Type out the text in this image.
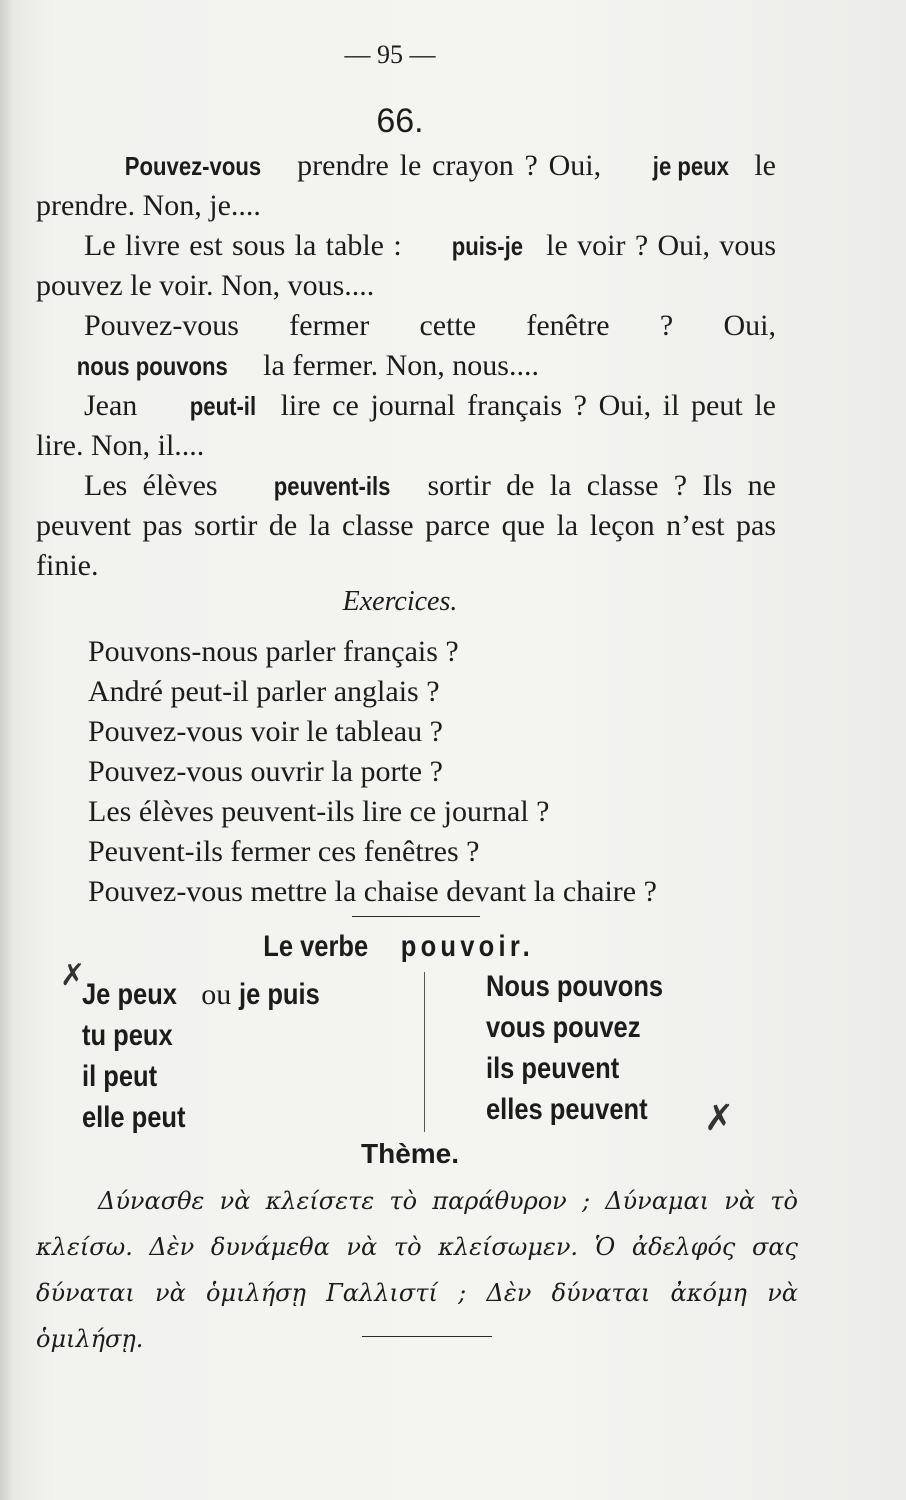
— 95 —
66.

Pouvez-vous prendre le crayon ? Oui, je peux le prendre. Non, je....

Le livre est sous la table : puis-je le voir ? Oui, vous pouvez le voir. Non, vous....

Pouvez-vous fermer cette fenêtre ? Oui, nous pouvons la fermer. Non, nous....

Jean peut-il lire ce journal français ? Oui, il peut le lire. Non, il....

Les élèves peuvent-ils sortir de la classe ? Ils ne peuvent pas sortir de la classe parce que la leçon n’est pas finie.

Exercices.
Pouvons-nous parler français ?
André peut-il parler anglais ?
Pouvez-vous voir le tableau ?
Pouvez-vous ouvrir la porte ?
Les élèves peuvent-ils lire ce journal ?
Peuvent-ils fermer ces fenêtres ?
Pouvez-vous mettre la chaise devant la chaire ?
Le verbe pouvoir.
Je peux ou je puis
tu peux
il peut
elle peut
Nous pouvons
vous pouvez
ils peuvent
elles peuvent
✗
✗
Thème.

Δύνασθε νὰ κλείσετε τὸ παράθυρον ; Δύναμαι νὰ τὸ κλείσω. Δὲν δυνάμεθα νὰ τὸ κλείσωμεν. Ὁ ἀδελφός σας δύναται νὰ ὁμιλήσῃ Γαλλιστί ; Δὲν δύναται ἀκόμη νὰ ὁμιλήσῃ.
